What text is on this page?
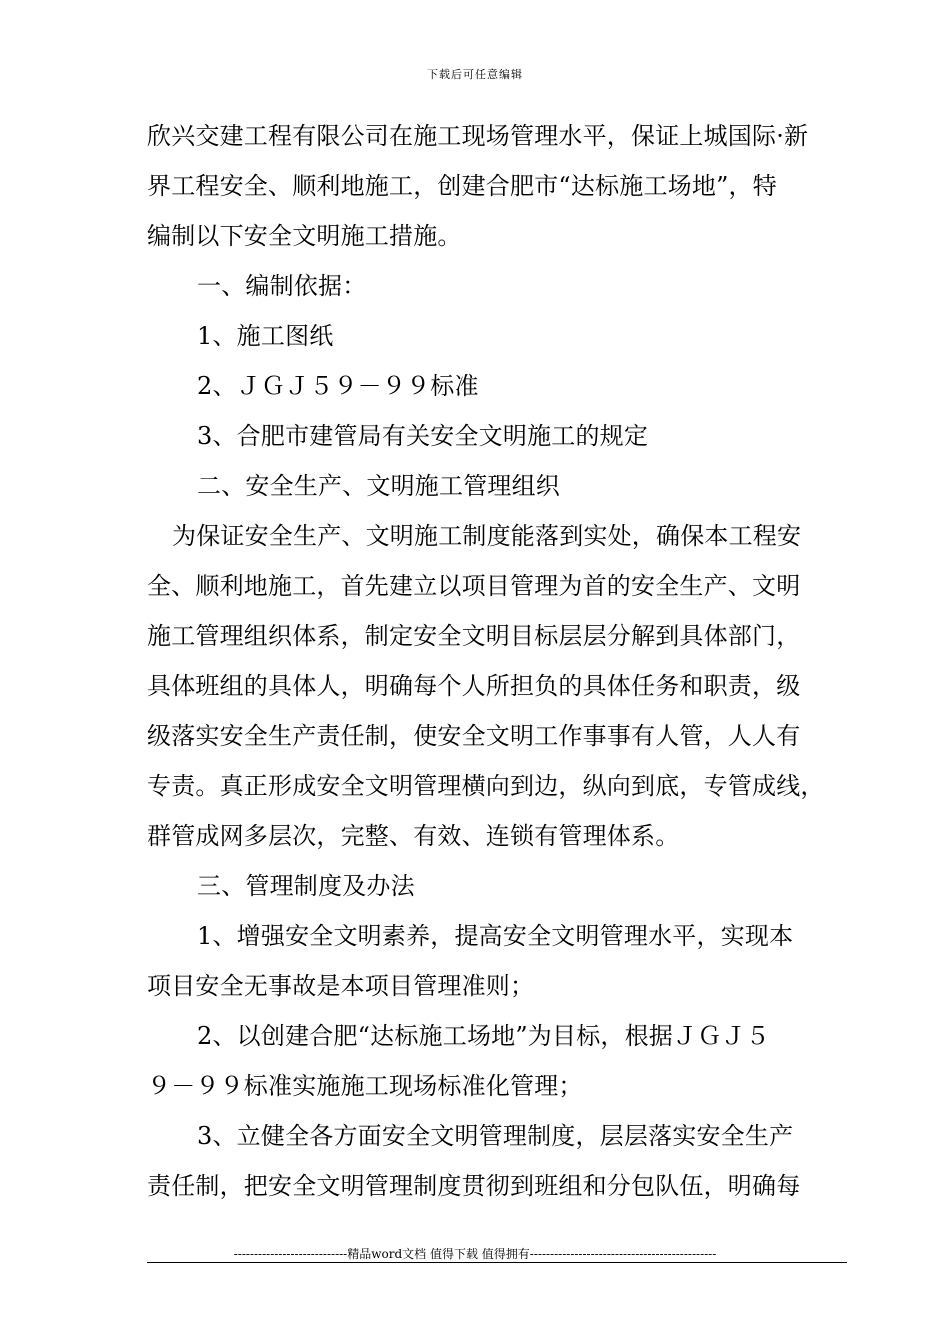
下载后可任意编辑
欣兴交建工程有限公司在施工现场管理水平，保证上城国际·新
界工程安全、顺利地施工，创建合肥市“达标施工场地”，特
编制以下安全文明施工措施。
一、编制依据：
1、施工图纸
2、ＪＧＪ５９－９９标准
3、合肥市建管局有关安全文明施工的规定
二、安全生产、文明施工管理组织
为保证安全生产、文明施工制度能落到实处，确保本工程安
全、顺利地施工，首先建立以项目管理为首的安全生产、文明
施工管理组织体系，制定安全文明目标层层分解到具体部门，
具体班组的具体人，明确每个人所担负的具体任务和职责，级
级落实安全生产责任制，使安全文明工作事事有人管，人人有
专责。真正形成安全文明管理横向到边，纵向到底，专管成线，
群管成网多层次，完整、有效、连锁有管理体系。
三、管理制度及办法
1、增强安全文明素养，提高安全文明管理水平，实现本
项目安全无事故是本项目管理准则；
2、以创建合肥“达标施工场地”为目标，根据ＪＧＪ５
９－９９标准实施施工现场标准化管理；
3、立健全各方面安全文明管理制度，层层落实安全生产
责任制，把安全文明管理制度贯彻到班组和分包队伍，明确每
----------------------------精品word文档 值得下载 值得拥有----------------------------------------------
